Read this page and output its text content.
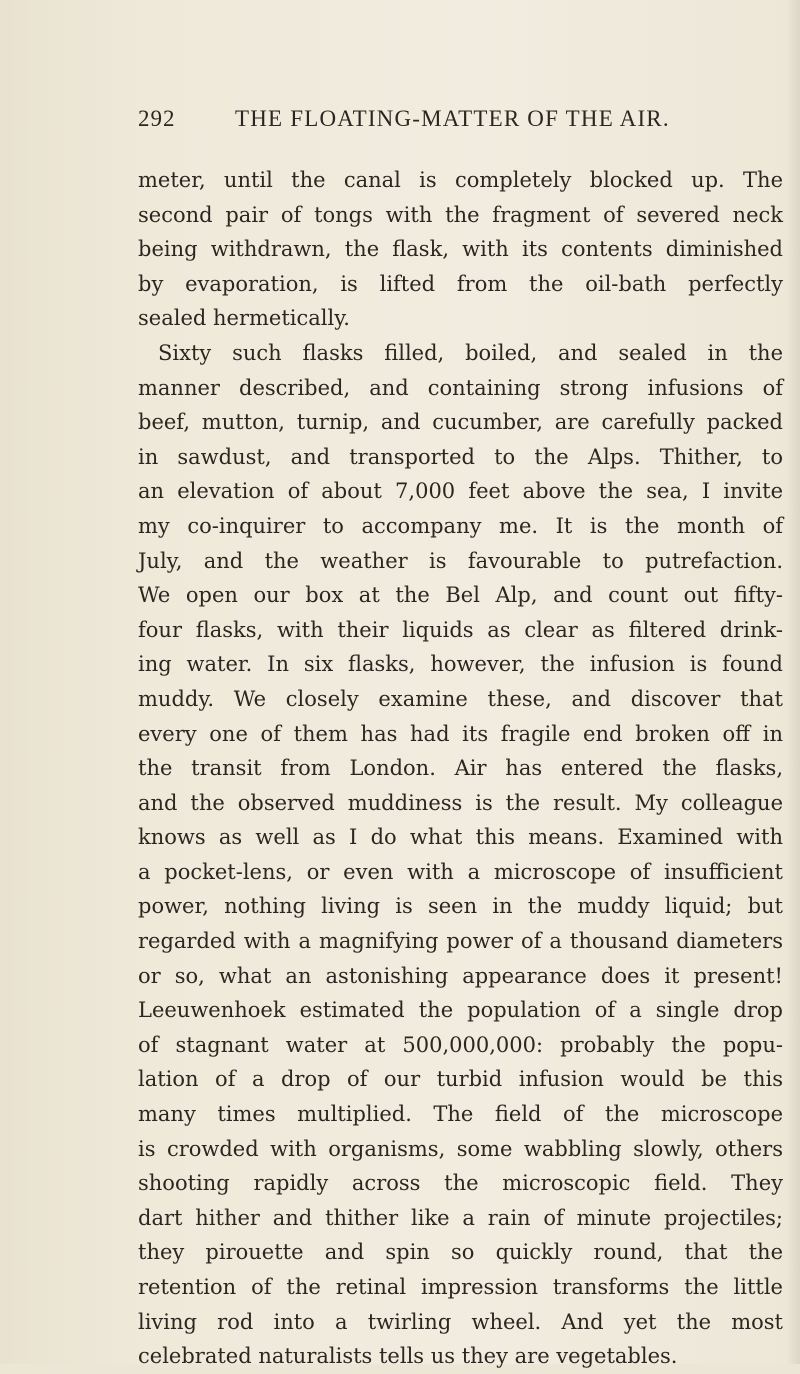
292	THE FLOATING-MATTER OF THE AIR.
meter, until the canal is completely blocked up. The
second pair of tongs with the fragment of severed neck
being withdrawn, the flask, with its contents diminished
by evaporation, is lifted from the oil-bath perfectly
sealed hermetically.
Sixty such flasks filled, boiled, and sealed in the
manner described, and containing strong infusions of
beef, mutton, turnip, and cucumber, are carefully packed
in sawdust, and transported to the Alps. Thither, to
an elevation of about 7,000 feet above the sea, I invite
my co-inquirer to accompany me. It is the month of
July, and the weather is favourable to putrefaction.
We open our box at the Bel Alp, and count out fifty-
four flasks, with their liquids as clear as filtered drink-
ing water. In six flasks, however, the infusion is found
muddy. We closely examine these, and discover that
every one of them has had its fragile end broken off in
the transit from London. Air has entered the flasks,
and the observed muddiness is the result. My colleague
knows as well as I do what this means. Examined with
a pocket-lens, or even with a microscope of insufficient
power, nothing living is seen in the muddy liquid; but
regarded with a magnifying power of a thousand diameters
or so, what an astonishing appearance does it present!
Leeuwenhoek estimated the population of a single drop
of stagnant water at 500,000,000: probably the popu-
lation of a drop of our turbid infusion would be this
many times multiplied. The field of the microscope
is crowded with organisms, some wabbling slowly, others
shooting rapidly across the microscopic field. They
dart hither and thither like a rain of minute projectiles;
they pirouette and spin so quickly round, that the
retention of the retinal impression transforms the little
living rod into a twirling wheel. And yet the most
celebrated naturalists tells us they are vegetables.
